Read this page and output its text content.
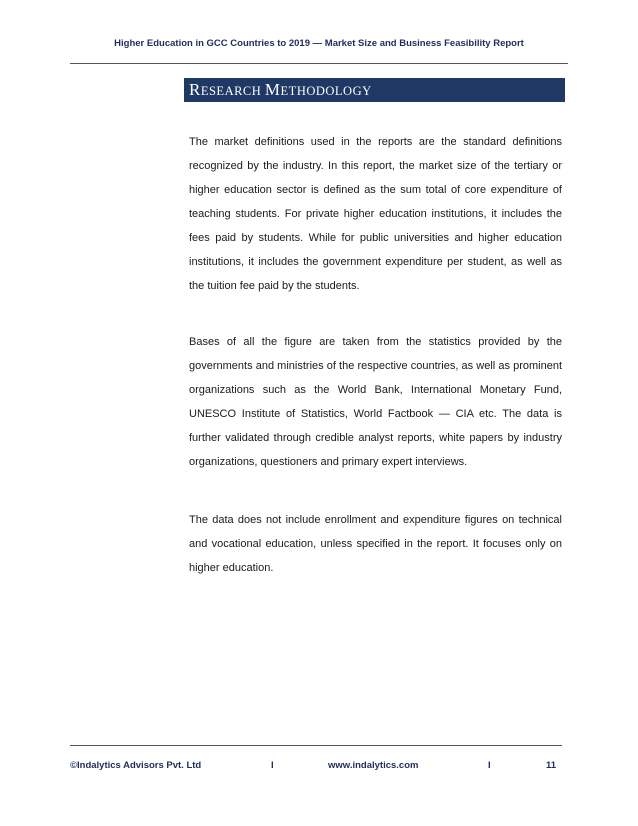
Higher Education in GCC Countries to 2019 — Market Size and Business Feasibility Report
RESEARCH METHODOLOGY
The market definitions used in the reports are the standard definitions recognized by the industry. In this report, the market size of the tertiary or higher education sector is defined as the sum total of core expenditure of teaching students. For private higher education institutions, it includes the fees paid by students. While for public universities and higher education institutions, it includes the government expenditure per student, as well as the tuition fee paid by the students.
Bases of all the figure are taken from the statistics provided by the governments and ministries of the respective countries, as well as prominent organizations such as the World Bank, International Monetary Fund, UNESCO Institute of Statistics, World Factbook — CIA etc. The data is further validated through credible analyst reports, white papers by industry organizations, questioners and primary expert interviews.
The data does not include enrollment and expenditure figures on technical and vocational education, unless specified in the report. It focuses only on higher education.
©Indalytics Advisors Pvt. Ltd	I	www.indalytics.com	I	11
